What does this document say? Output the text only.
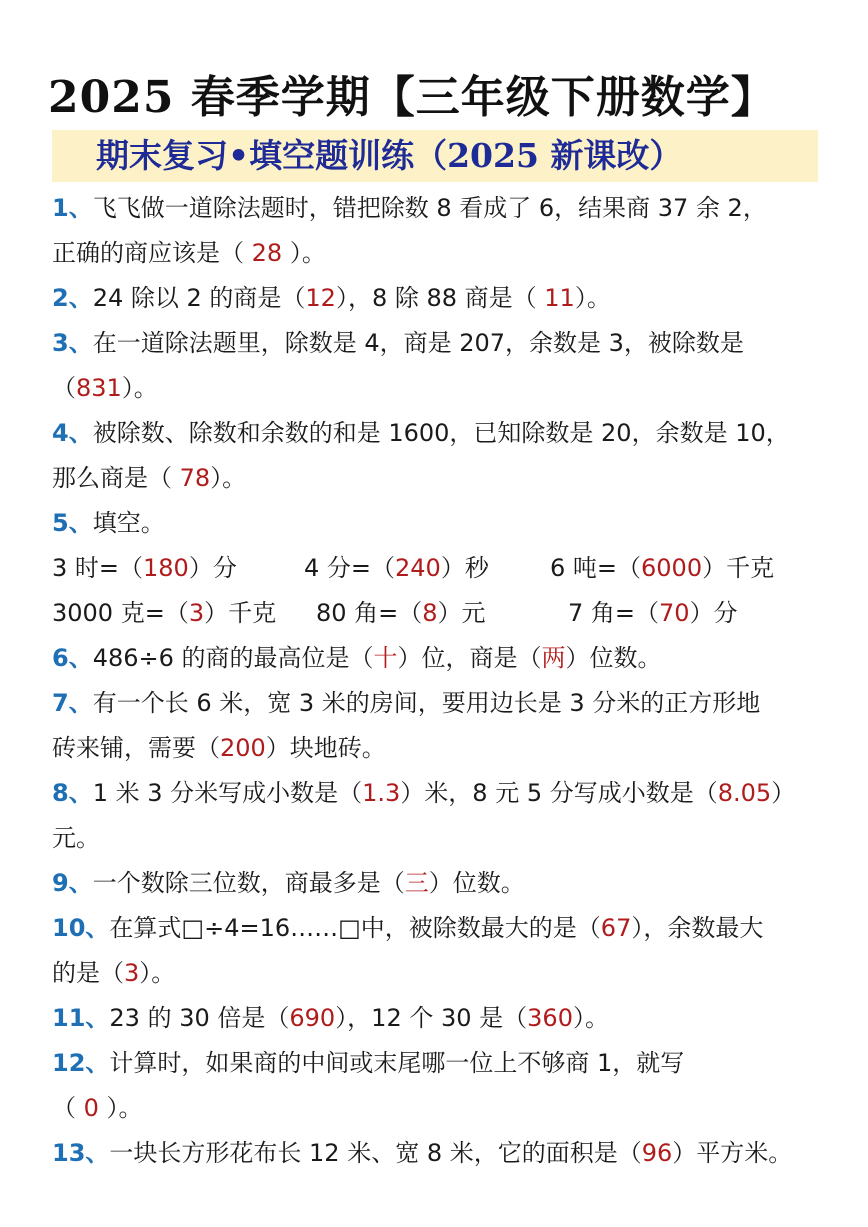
2025 春季学期【三年级下册数学】
期末复习•填空题训练（2025 新课改）
1、飞飞做一道除法题时，错把除数 8 看成了 6，结果商 37 余 2，
正确的商应该是（ 28 ）。
2、24 除以 2 的商是（12），8 除 88 商是（ 11）。
3、在一道除法题里，除数是 4，商是 207，余数是 3，被除数是
（831）。
4、被除数、除数和余数的和是 1600，已知除数是 20，余数是 10，
那么商是（ 78）。
5、填空。
3 时=（180）分	4 分=（240）秒	6 吨=（6000）千克
3000 克=（3）千克 80 角=（8）元	7 角=（70）分
6、486÷6 的商的最高位是（十）位，商是（两）位数。
7、有一个长 6 米，宽 3 米的房间，要用边长是 3 分米的正方形地
砖来铺，需要（200）块地砖。
8、1 米 3 分米写成小数是（1.3）米，8 元 5 分写成小数是（8.05）
元。
9、一个数除三位数，商最多是（三）位数。
10、在算式□÷4=16……□中，被除数最大的是（67），余数最大
的是（3）。
11、23 的 30 倍是（690），12 个 30 是（360）。
12、计算时，如果商的中间或末尾哪一位上不够商 1，就写
（ 0 ）。
13、一块长方形花布长 12 米、宽 8 米，它的面积是（96）平方米。
